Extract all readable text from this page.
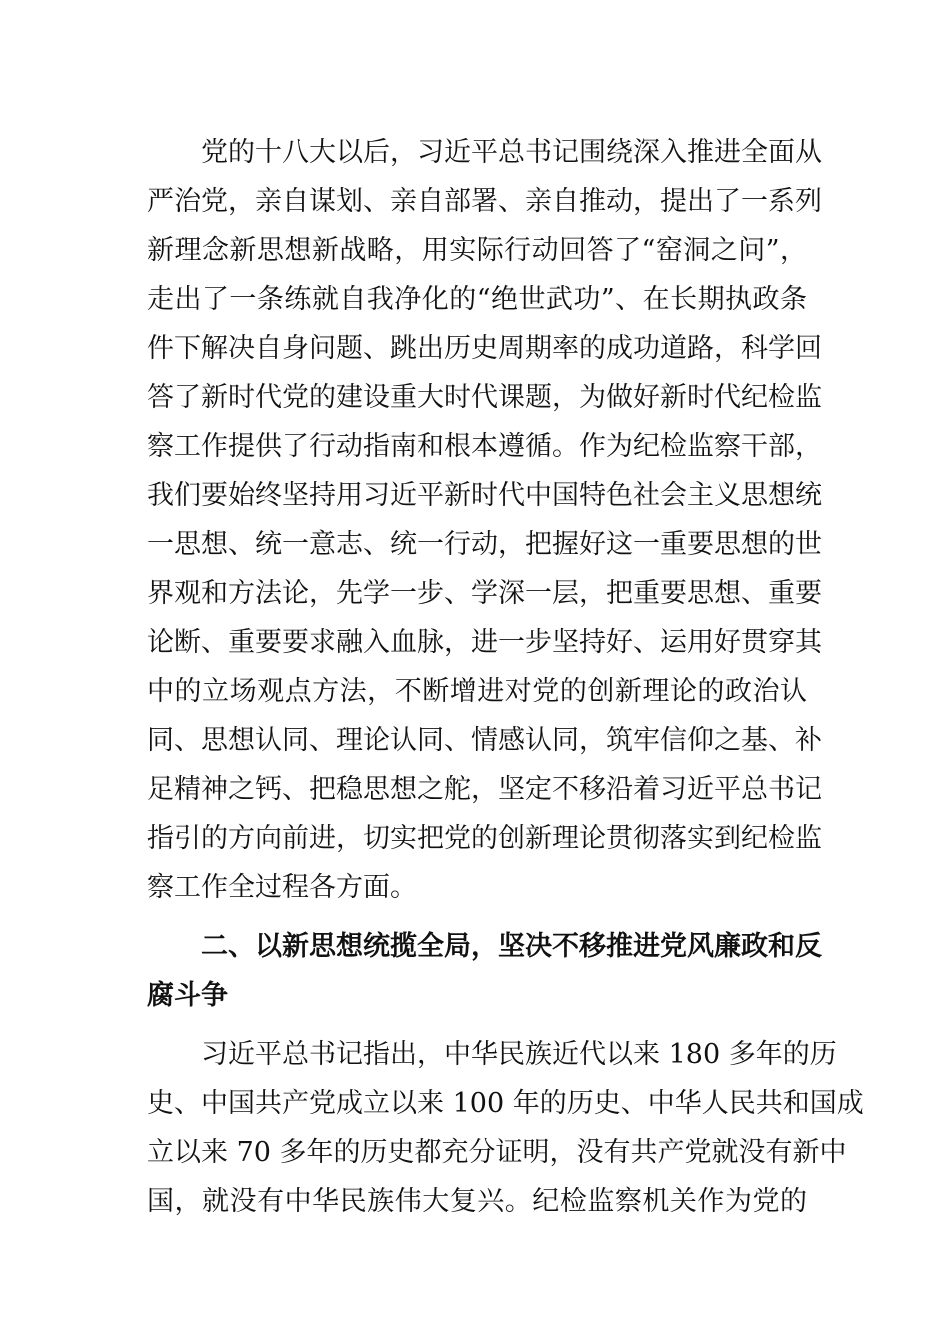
党的十八大以后，习近平总书记围绕深入推进全面从
严治党，亲自谋划、亲自部署、亲自推动，提出了一系列
新理念新思想新战略，用实际行动回答了“窑洞之问”，
走出了一条练就自我净化的“绝世武功”、在长期执政条
件下解决自身问题、跳出历史周期率的成功道路，科学回
答了新时代党的建设重大时代课题，为做好新时代纪检监
察工作提供了行动指南和根本遵循。作为纪检监察干部，
我们要始终坚持用习近平新时代中国特色社会主义思想统
一思想、统一意志、统一行动，把握好这一重要思想的世
界观和方法论，先学一步、学深一层，把重要思想、重要
论断、重要要求融入血脉，进一步坚持好、运用好贯穿其
中的立场观点方法，不断增进对党的创新理论的政治认
同、思想认同、理论认同、情感认同，筑牢信仰之基、补
足精神之钙、把稳思想之舵，坚定不移沿着习近平总书记
指引的方向前进，切实把党的创新理论贯彻落实到纪检监
察工作全过程各方面。
二、以新思想统揽全局，坚决不移推进党风廉政和反
腐斗争
习近平总书记指出，中华民族近代以来 180 多年的历
史、中国共产党成立以来 100 年的历史、中华人民共和国成
立以来 70 多年的历史都充分证明，没有共产党就没有新中
国，就没有中华民族伟大复兴。纪检监察机关作为党的
